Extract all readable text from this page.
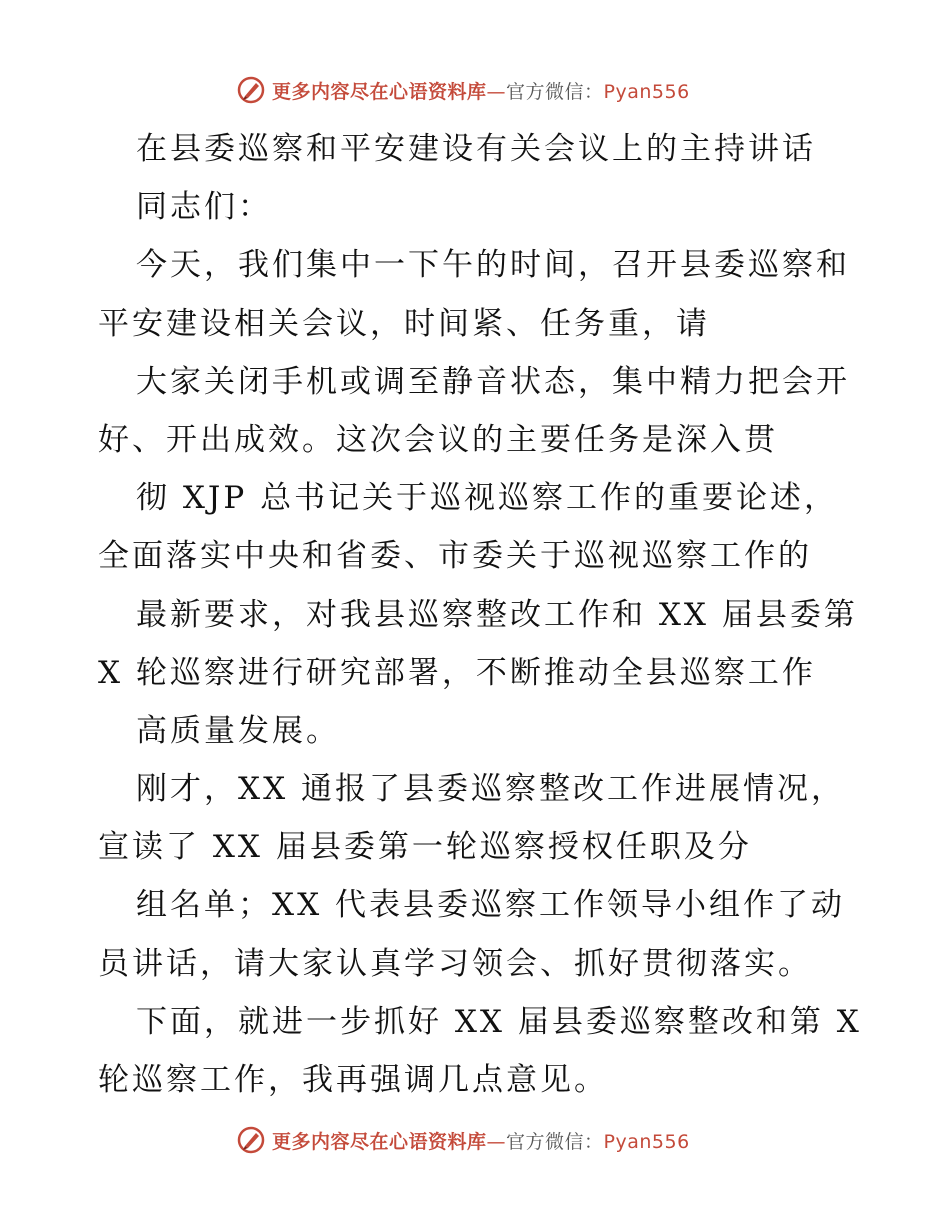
更多内容尽在心语资料库—官方微信：Pyan556
在县委巡察和平安建设有关会议上的主持讲话
同志们：
今天，我们集中一下午的时间，召开县委巡察和
平安建设相关会议，时间紧、任务重，请
大家关闭手机或调至静音状态，集中精力把会开
好、开出成效。这次会议的主要任务是深入贯
彻 XJP 总书记关于巡视巡察工作的重要论述，
全面落实中央和省委、市委关于巡视巡察工作的
最新要求，对我县巡察整改工作和 XX 届县委第
X 轮巡察进行研究部署，不断推动全县巡察工作
高质量发展。
刚才，XX 通报了县委巡察整改工作进展情况，
宣读了 XX 届县委第一轮巡察授权任职及分
组名单；XX 代表县委巡察工作领导小组作了动
员讲话，请大家认真学习领会、抓好贯彻落实。
下面，就进一步抓好 XX 届县委巡察整改和第 X
轮巡察工作，我再强调几点意见。
更多内容尽在心语资料库—官方微信：Pyan556
